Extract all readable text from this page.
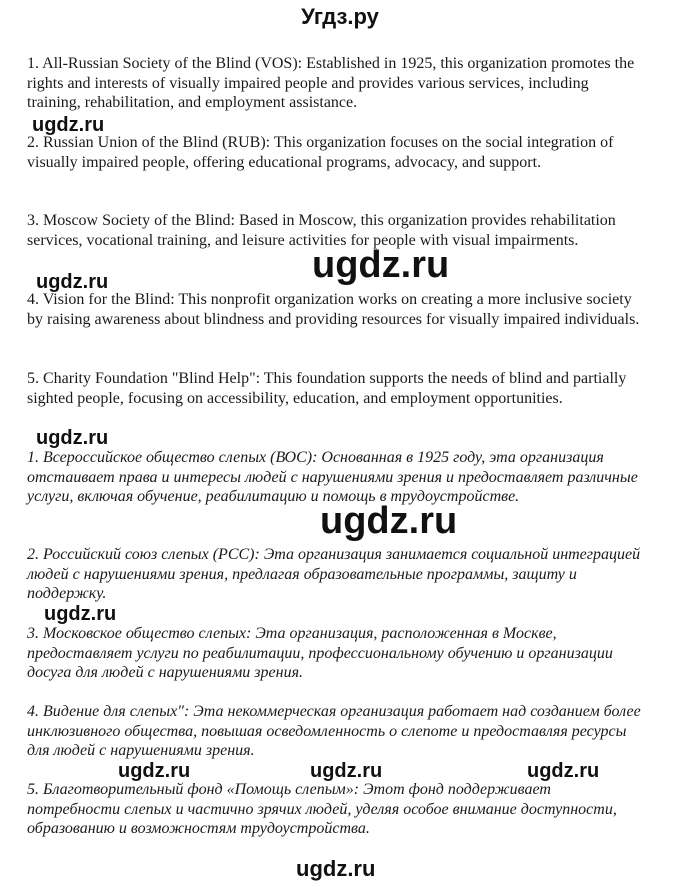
Угдз.ру

1. All-Russian Society of the Blind (VOS): Established in 1925, this organization promotes the rights and interests of visually impaired people and provides various services, including training, rehabilitation, and employment assistance.

2. Russian Union of the Blind (RUB): This organization focuses on the social integration of visually impaired people, offering educational programs, advocacy, and support.

3. Moscow Society of the Blind: Based in Moscow, this organization provides rehabilitation services, vocational training, and leisure activities for people with visual impairments.

4. Vision for the Blind: This nonprofit organization works on creating a more inclusive society by raising awareness about blindness and providing resources for visually impaired individuals.

5. Charity Foundation "Blind Help": This foundation supports the needs of blind and partially sighted people, focusing on accessibility, education, and employment opportunities.

1. Всероссийское общество слепых (ВОС): Основанная в 1925 году, эта организация отстаивает права и интересы людей с нарушениями зрения и предоставляет различные услуги, включая обучение, реабилитацию и помощь в трудоустройстве.

2. Российский союз слепых (РСС): Эта организация занимается социальной интеграцией людей с нарушениями зрения, предлагая образовательные программы, защиту и поддержку.

3. Московское общество слепых: Эта организация, расположенная в Москве, предоставляет услуги по реабилитации, профессиональному обучению и организации досуга для людей с нарушениями зрения.

4. Видение для слепых": Эта некоммерческая организация работает над созданием более инклюзивного общества, повышая осведомленность о слепоте и предоставляя ресурсы для людей с нарушениями зрения.

5. Благотворительный фонд «Помощь слепым»: Этот фонд поддерживает потребности слепых и частично зрячих людей, уделяя особое внимание доступности, образованию и возможностям трудоустройства.

ugdz.ru
ugdz.ru
ugdz.ru
ugdz.ru
ugdz.ru
ugdz.ru
ugdz.ru	ugdz.ru	ugdz.ru
ugdz.ru
